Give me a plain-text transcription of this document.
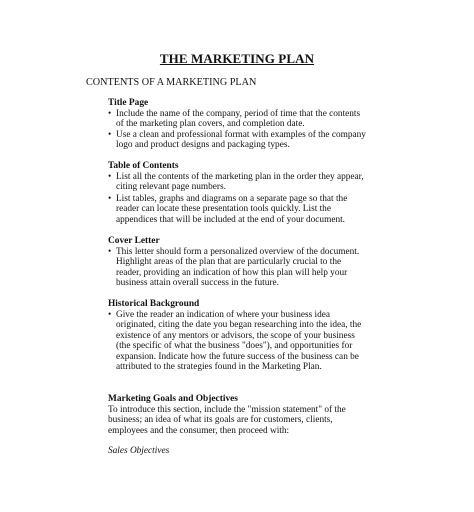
THE MARKETING PLAN
CONTENTS OF A MARKETING PLAN
Title Page
• Include the name of the company, period of time that the contents of the marketing plan covers, and completion date.
• Use a clean and professional format with examples of the company logo and product designs and packaging types.
Table of Contents
• List all the contents of the marketing plan in the order they appear, citing relevant page numbers.
• List tables, graphs and diagrams on a separate page so that the reader can locate these presentation tools quickly. List the appendices that will be included at the end of your document.
Cover Letter
• This letter should form a personalized overview of the document. Highlight areas of the plan that are particularly crucial to the reader, providing an indication of how this plan will help your business attain overall success in the future.
Historical Background
• Give the reader an indication of where your business idea originated, citing the date you began researching into the idea, the existence of any mentors or advisors, the scope of your business (the specific of what the business "does"), and opportunities for expansion. Indicate how the future success of the business can be attributed to the strategies found in the Marketing Plan.
Marketing Goals and Objectives
To introduce this section, include the "mission statement" of the business; an idea of what its goals are for customers, clients, employees and the consumer, then proceed with:
Sales Objectives
